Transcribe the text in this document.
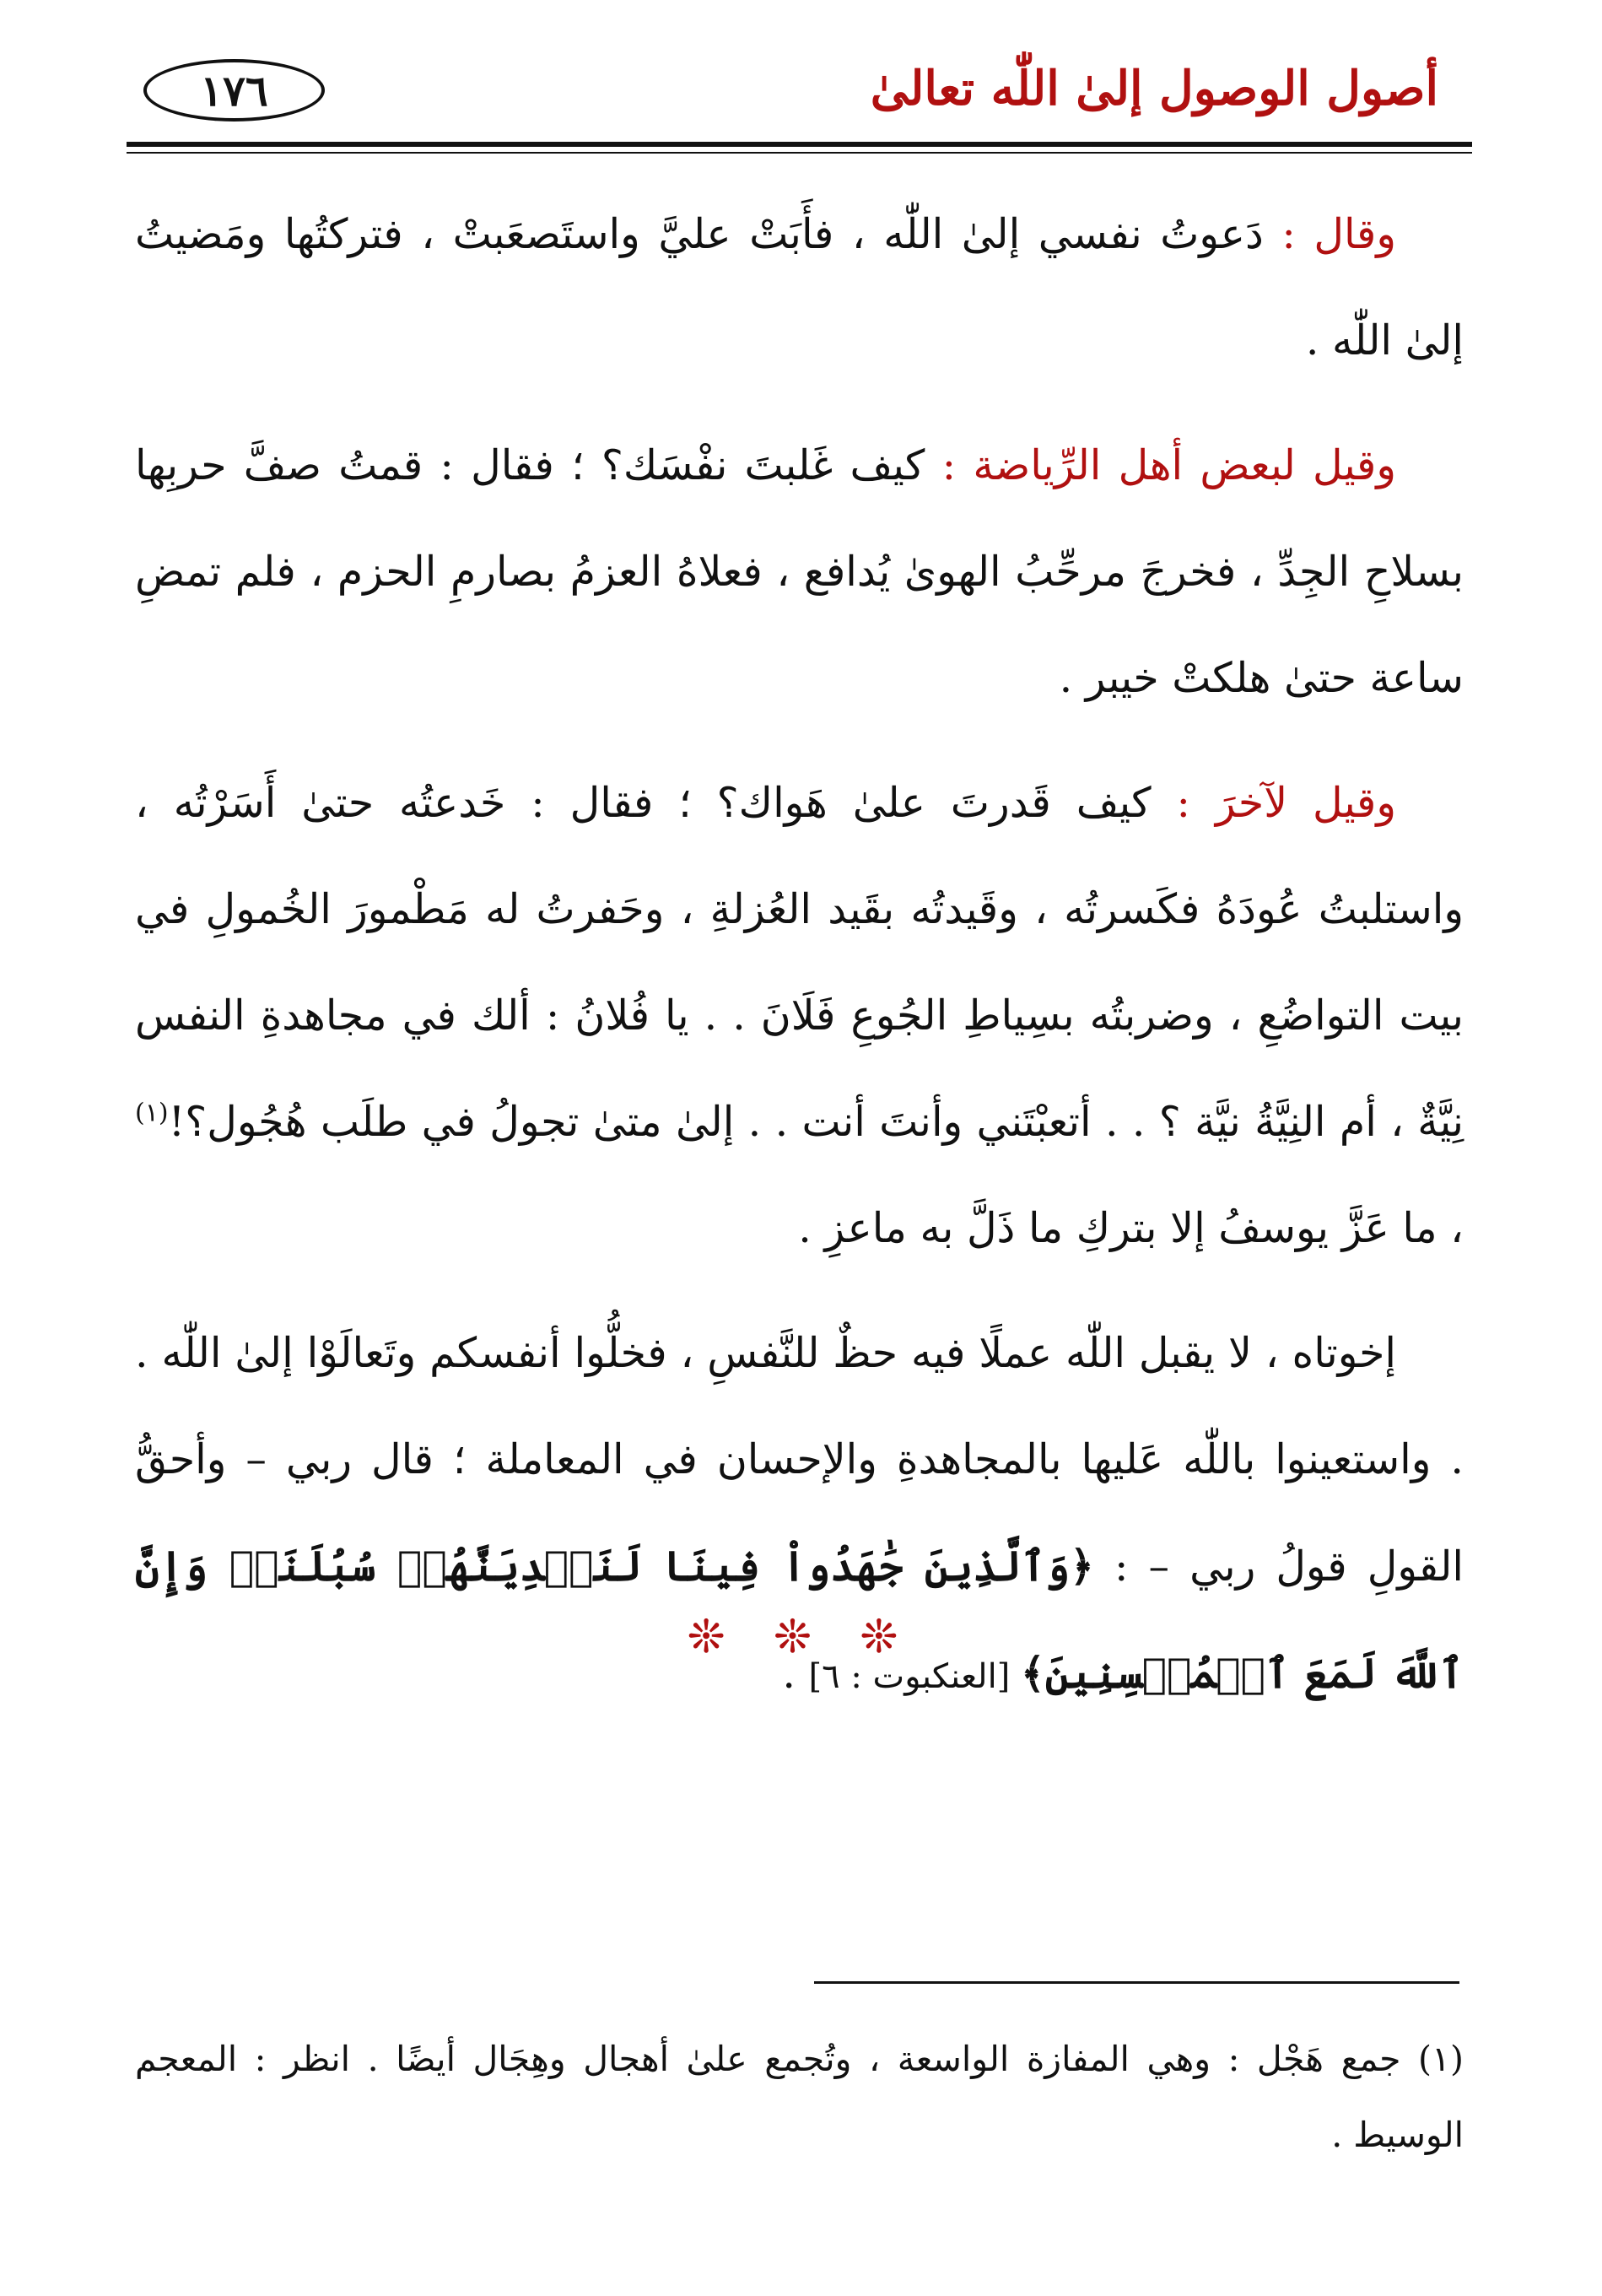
١٧٦	أصول الوصول إلىٰ اللّٰه تعالىٰ

وقال : دَعوتُ نفسي إلىٰ اللّٰه ، فأَبَتْ عليَّ واستَصعَبتْ ، فتركتُها ومَضيتُ إلىٰ اللّٰه .

وقيل لبعض أهل الرِّياضة : كيف غَلبتَ نفْسَك؟ ؛ فقال : قمتُ صفَّ حربِها بسلاحِ الجِدِّ ، فخرجَ مرحِّبُ الهوىٰ يُدافع ، فعلاهُ العزمُ بصارمِ الحزم ، فلم تمضِ ساعة حتىٰ هلكتْ خيبر .

وقيل لآخرَ : كيف قَدرتَ علىٰ هَواك؟ ؛ فقال : خَدعتُه حتىٰ أَسَرْتُه ، واستلبتُ عُودَهُ فكَسرتُه ، وقَيدتُه بقَيد العُزلةِ ، وحَفرتُ له مَطْمورَ الخُمولِ في بيت التواضُعِ ، وضربتُه بسِياطِ الجُوعِ فَلَانَ . . يا فُلانُ : ألك في مجاهدةِ النفس نِيَّةٌ ، أم النِيَّةُ نيَّة ؟ . . أتعبْتَني وأنتَ أنت . . إلىٰ متىٰ تجولُ في طلَب هُجُول؟!$^{(١)}$ ، ما عَزَّ يوسفُ إلا بتركِ ما ذَلَّ به ماعزِ .

إخوتاه ، لا يقبل اللّٰه عملًا فيه حظٌ للنَّفسِ ، فخلُّوا أنفسكم وتَعالَوْا إلىٰ اللّٰه . . واستعينوا باللّٰه عَليها بالمجاهدةِ والإحسان في المعاملة ؛ قال ربي – وأحقُّ القولِ قولُ ربي – : ﴿وَٱلَّذِينَ جَٰهَدُواْ فِينَا لَنَهۡدِيَنَّهُمۡ سُبُلَنَاۚ وَإِنَّ ٱللَّهَ لَمَعَ ٱلۡمُحۡسِنِينَ﴾ [العنكبوت : ٦] .

❊ ❊ ❊
(١) جمع هَجْل : وهي المفازة الواسعة ، وتُجمع علىٰ أهجال وهِجَال أيضًا . انظر : المعجم الوسيط .
